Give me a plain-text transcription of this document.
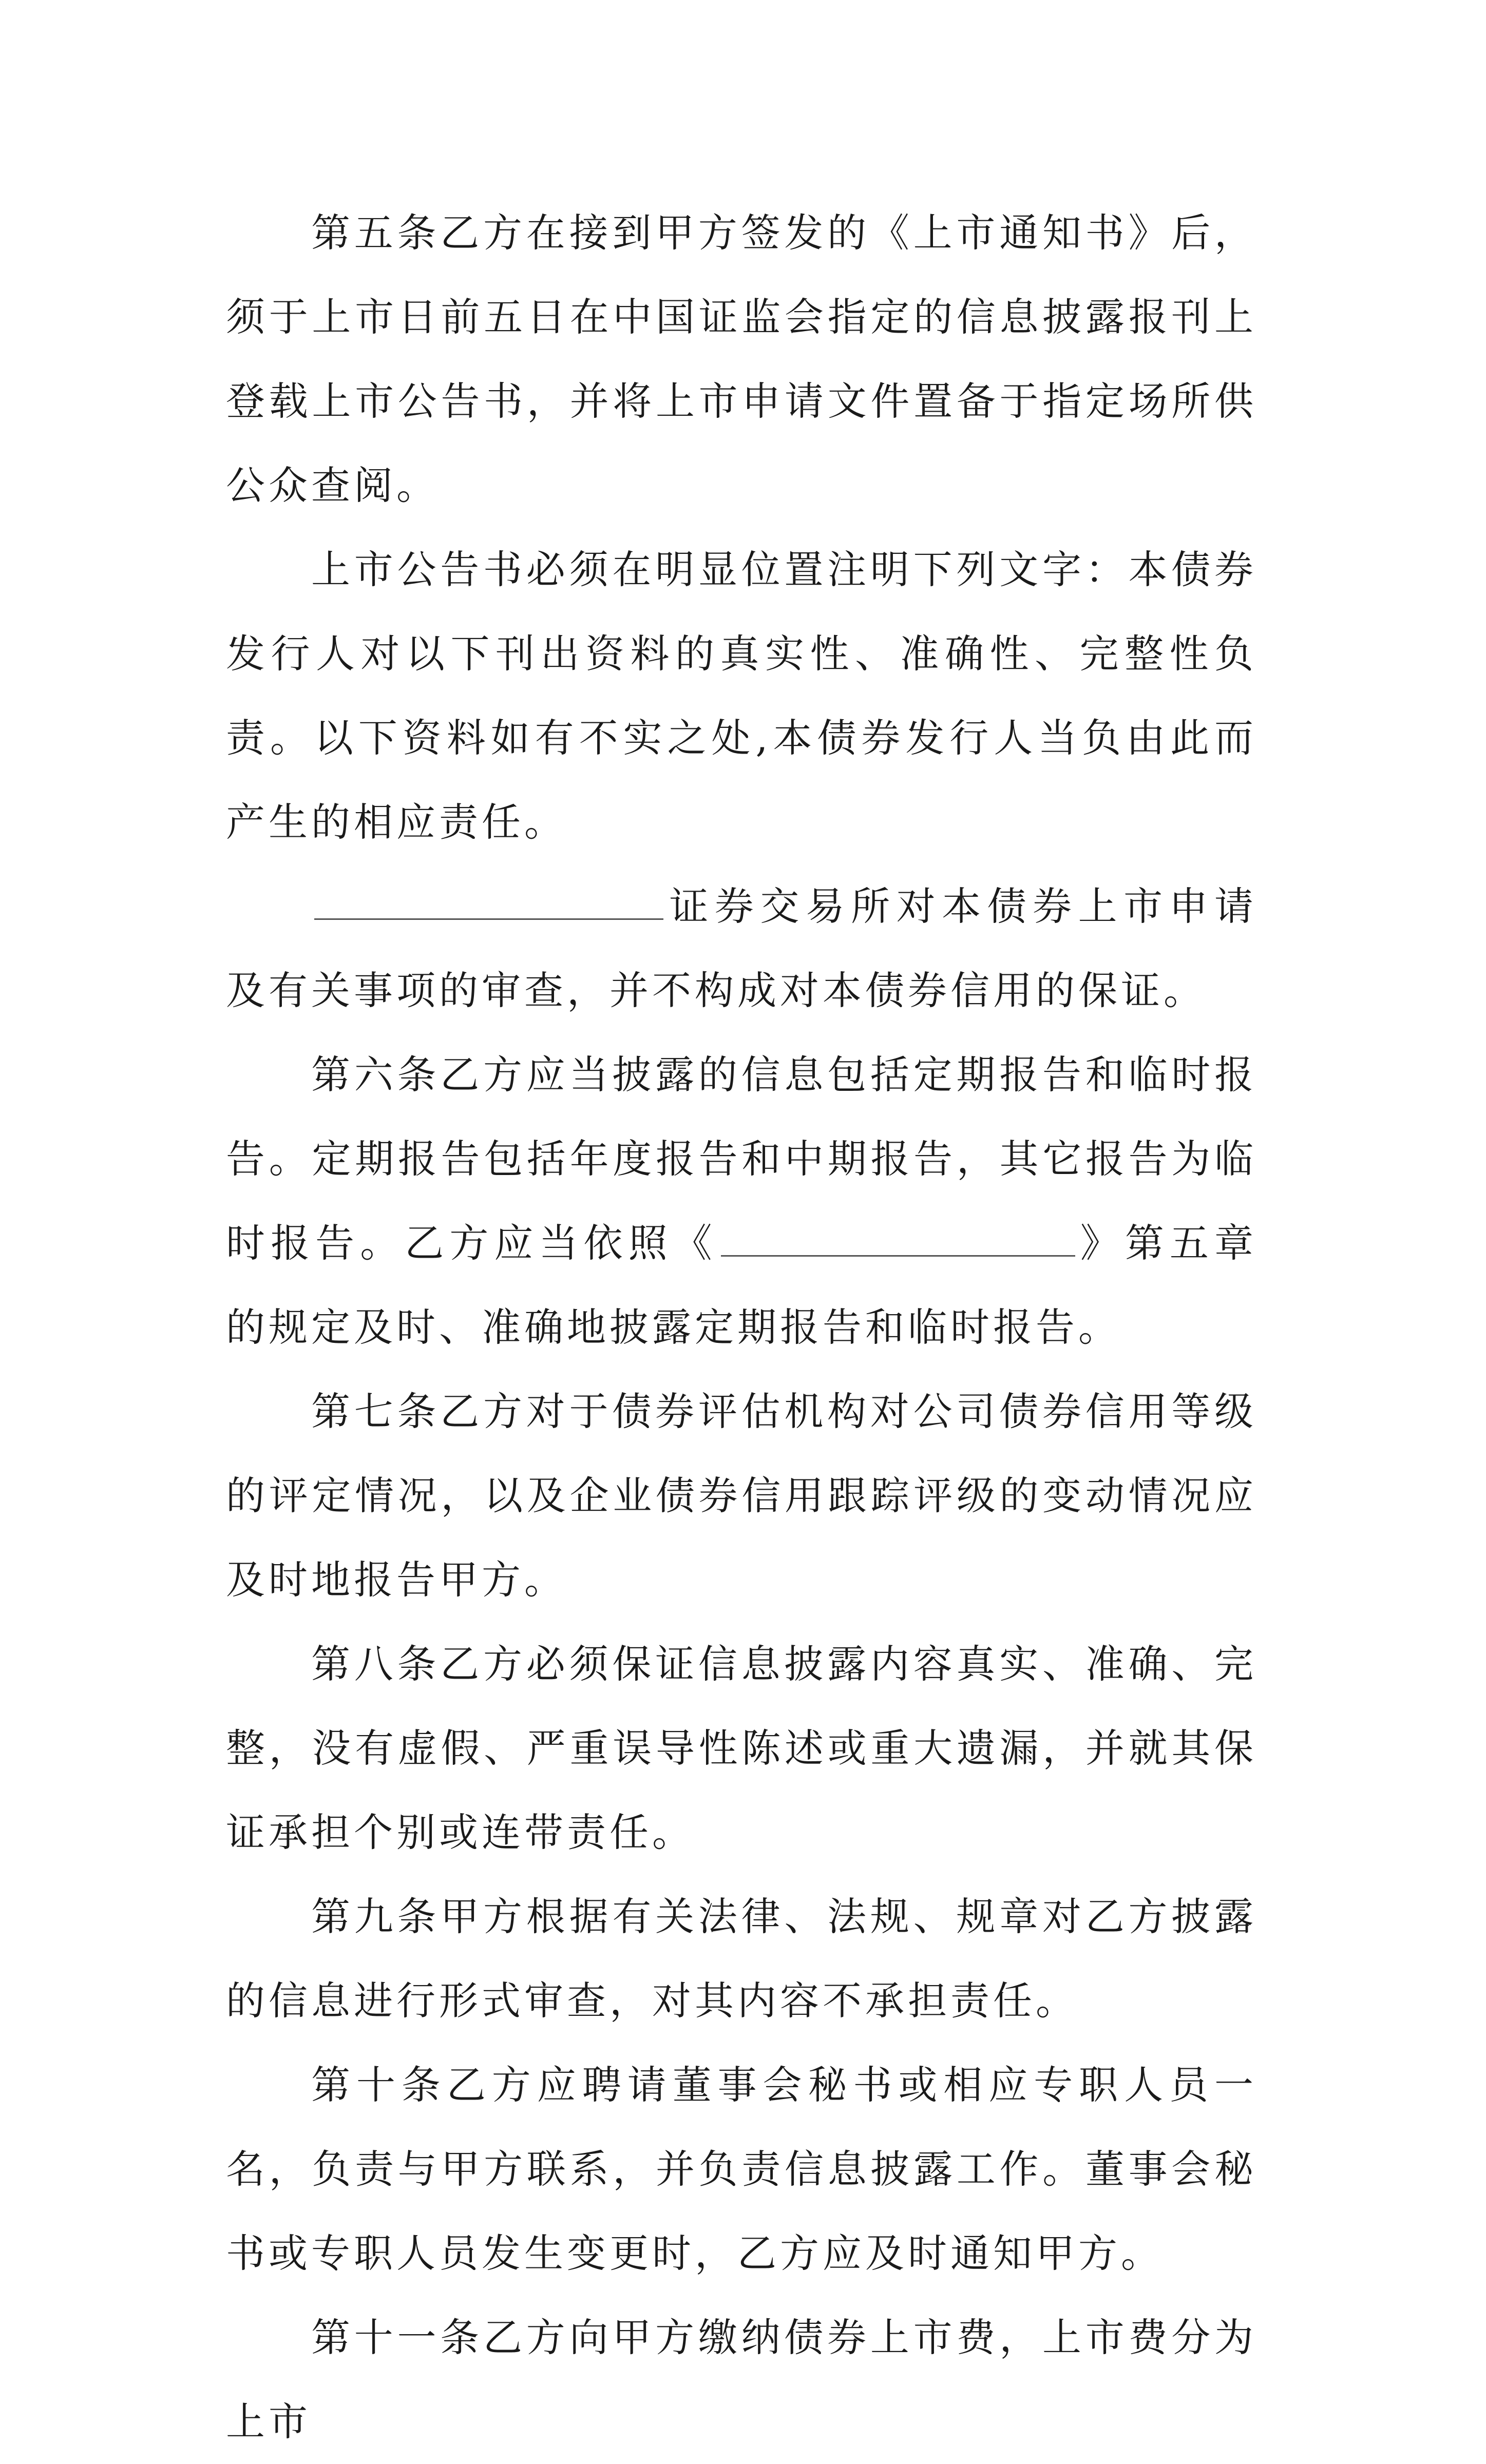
第五条乙方在接到甲方签发的《上市通知书》后，须于上市日前五日在中国证监会指定的信息披露报刊上登载上市公告书，并将上市申请文件置备于指定场所供公众查阅。

上市公告书必须在明显位置注明下列文字：本债券发行人对以下刊出资料的真实性、准确性、完整性负责。以下资料如有不实之处,本债券发行人当负由此而产生的相应责任。

证券交易所对本债券上市申请及有关事项的审查，并不构成对本债券信用的保证。

第六条乙方应当披露的信息包括定期报告和临时报告。定期报告包括年度报告和中期报告，其它报告为临时报告。乙方应当依照《	》第五章的规定及时、准确地披露定期报告和临时报告。

第七条乙方对于债券评估机构对公司债券信用等级的评定情况，以及企业债券信用跟踪评级的变动情况应及时地报告甲方。

第八条乙方必须保证信息披露内容真实、准确、完整，没有虚假、严重误导性陈述或重大遗漏，并就其保证承担个别或连带责任。

第九条甲方根据有关法律、法规、规章对乙方披露的信息进行形式审查，对其内容不承担责任。

第十条乙方应聘请董事会秘书或相应专职人员一名，负责与甲方联系，并负责信息披露工作。董事会秘书或专职人员发生变更时，乙方应及时通知甲方。

第十一条乙方向甲方缴纳债券上市费，上市费分为上市
